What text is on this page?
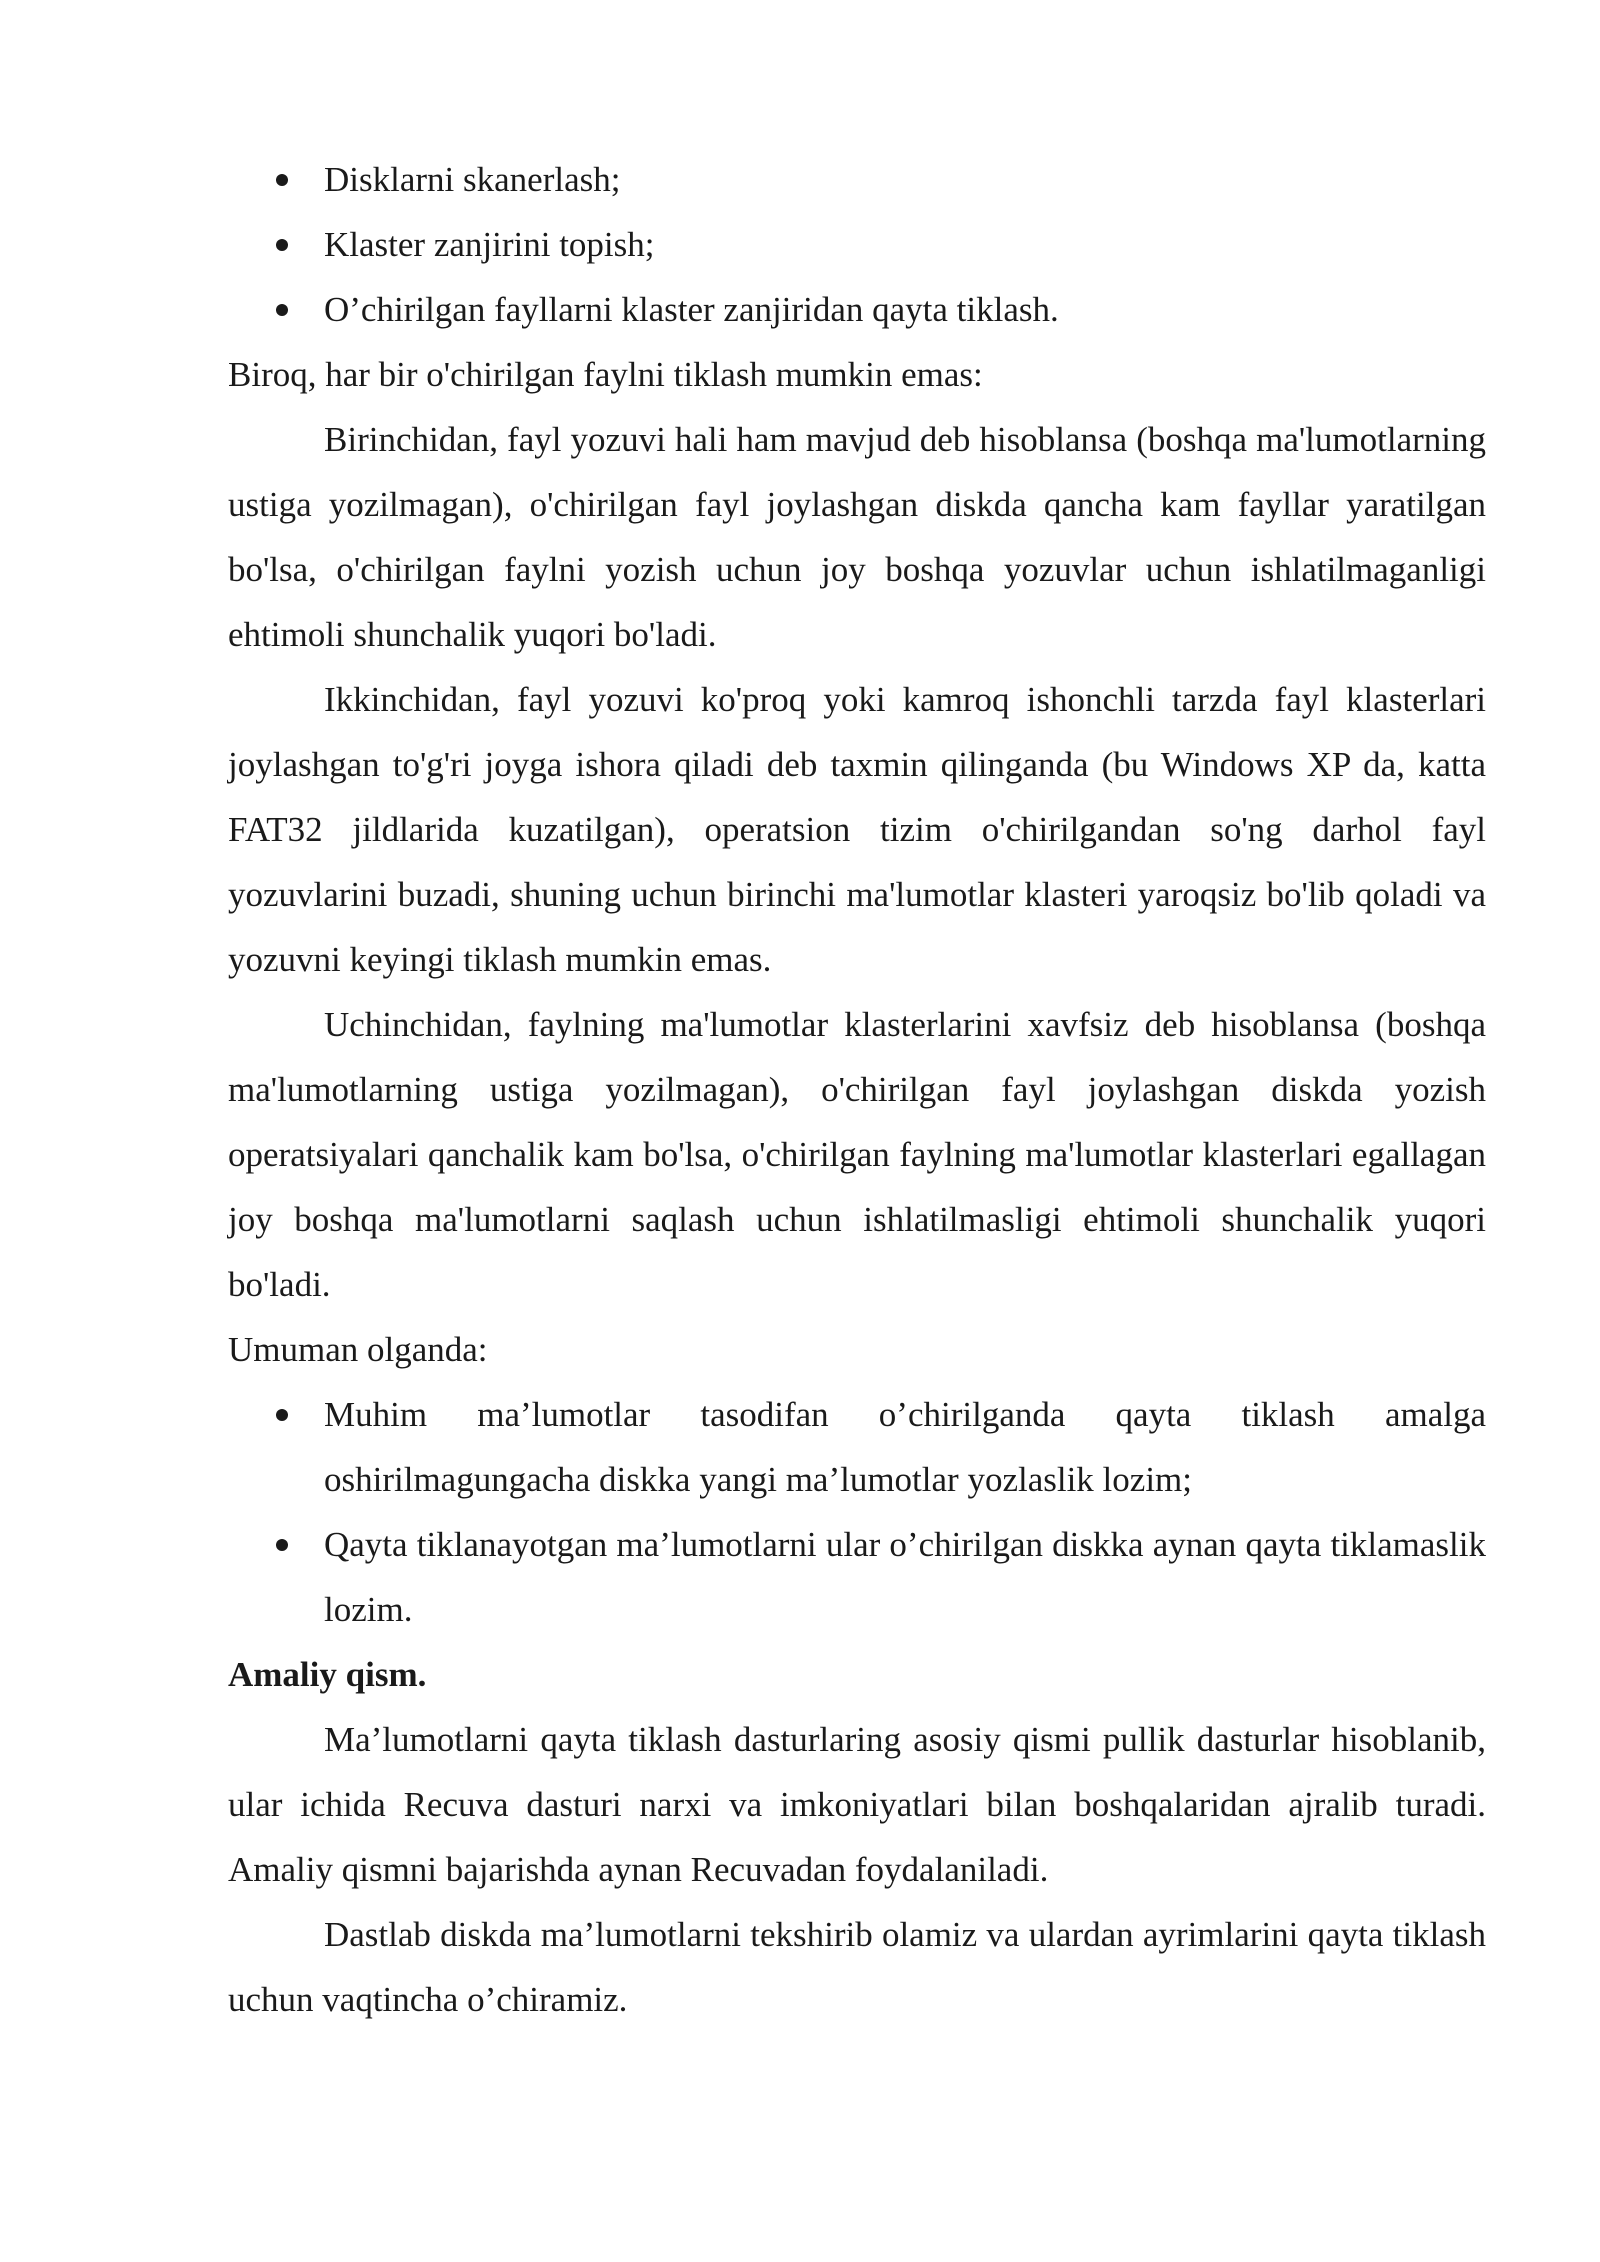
Disklarni skanerlash;
Klaster zanjirini topish;
O’chirilgan fayllarni klaster zanjiridan qayta tiklash.

Biroq, har bir o'chirilgan faylni tiklash mumkin emas:

Birinchidan, fayl yozuvi hali ham mavjud deb hisoblansa (boshqa ma'lumotlarning ustiga yozilmagan), o'chirilgan fayl joylashgan diskda qancha kam fayllar yaratilgan bo'lsa, o'chirilgan faylni yozish uchun joy boshqa yozuvlar uchun ishlatilmaganligi ehtimoli shunchalik yuqori bo'ladi.

Ikkinchidan, fayl yozuvi ko'proq yoki kamroq ishonchli tarzda fayl klasterlari joylashgan to'g'ri joyga ishora qiladi deb taxmin qilinganda (bu Windows XP da, katta FAT32 jildlarida kuzatilgan), operatsion tizim o'chirilgandan so'ng darhol fayl yozuvlarini buzadi, shuning uchun birinchi ma'lumotlar klasteri yaroqsiz bo'lib qoladi va yozuvni keyingi tiklash mumkin emas.

Uchinchidan, faylning ma'lumotlar klasterlarini xavfsiz deb hisoblansa (boshqa ma'lumotlarning ustiga yozilmagan), o'chirilgan fayl joylashgan diskda yozish operatsiyalari qanchalik kam bo'lsa, o'chirilgan faylning ma'lumotlar klasterlari egallagan joy boshqa ma'lumotlarni saqlash uchun ishlatilmasligi ehtimoli shunchalik yuqori bo'ladi.

Umuman olganda:

Muhim ma’lumotlar tasodifan o’chirilganda qayta tiklash amalga oshirilmagungacha diskka yangi ma’lumotlar yozlaslik lozim;
Qayta tiklanayotgan ma’lumotlarni ular o’chirilgan diskka aynan qayta tiklamaslik lozim.

Amaliy qism.

Ma’lumotlarni qayta tiklash dasturlaring asosiy qismi pullik dasturlar hisoblanib, ular ichida Recuva dasturi narxi va imkoniyatlari bilan boshqalaridan ajralib turadi. Amaliy qismni bajarishda aynan Recuvadan foydalaniladi.

Dastlab diskda ma’lumotlarni tekshirib olamiz va ulardan ayrimlarini qayta tiklash uchun vaqtincha o’chiramiz.
